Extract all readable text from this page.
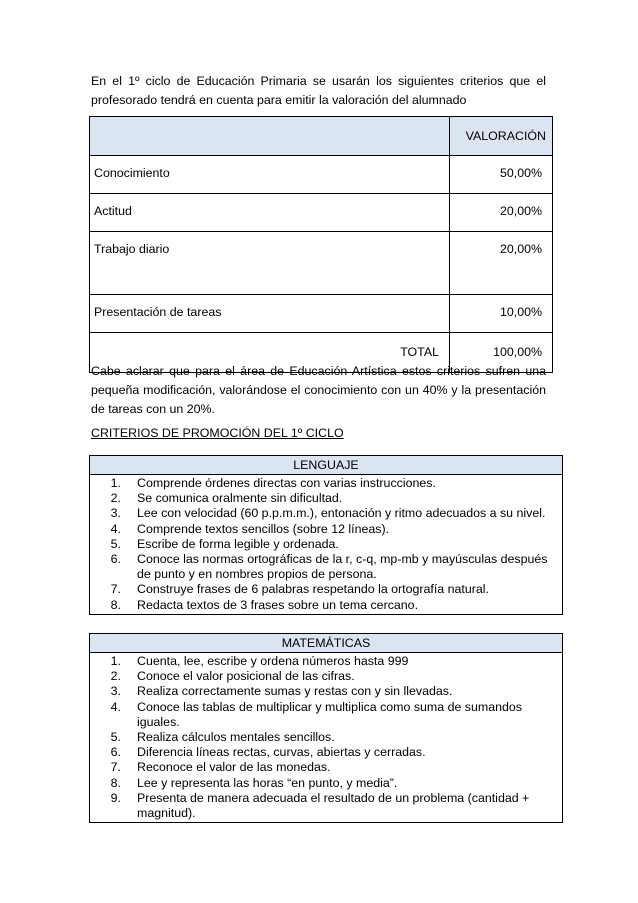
En el 1º ciclo de Educación Primaria se usarán los siguientes criterios que el profesorado tendrá en cuenta para emitir la valoración del alumnado
	VALORACIÓN
Conocimiento	50,00%
Actitud	20,00%
Trabajo diario	20,00%
Presentación de tareas	10,00%
TOTAL	100,00%
Cabe aclarar que para el área de Educación Artística estos criterios sufren una pequeña modificación, valorándose el conocimiento con un 40% y la presentación de tareas con un 20%.
CRITERIOS DE PROMOCIÓN DEL 1º CICLO
LENGUAJE

1. Comprende órdenes directas con varias instrucciones.
2. Se comunica oralmente sin dificultad.
3. Lee con velocidad (60 p.p.m.m.), entonación y ritmo adecuados a su nivel.
4. Comprende textos sencillos (sobre 12 líneas).
5. Escribe de forma legible y ordenada.
6. Conoce las normas ortográficas de la r, c-q, mp-mb y mayúsculas después de punto y en nombres propios de persona.
7. Construye frases de 6 palabras respetando la ortografía natural.
8. Redacta textos de 3 frases sobre un tema cercano.
MATEMÁTICAS

1. Cuenta, lee, escribe y ordena números hasta 999
2. Conoce el valor posicional de las cifras.
3. Realiza correctamente sumas y restas con y sin llevadas.
4. Conoce las tablas de multiplicar y multiplica como suma de sumandos iguales.
5. Realiza cálculos mentales sencillos.
6. Diferencia líneas rectas, curvas, abiertas y cerradas.
7. Reconoce el valor de las monedas.
8. Lee y representa las horas “en punto, y media”.
9. Presenta de manera adecuada el resultado de un problema (cantidad + magnitud).
